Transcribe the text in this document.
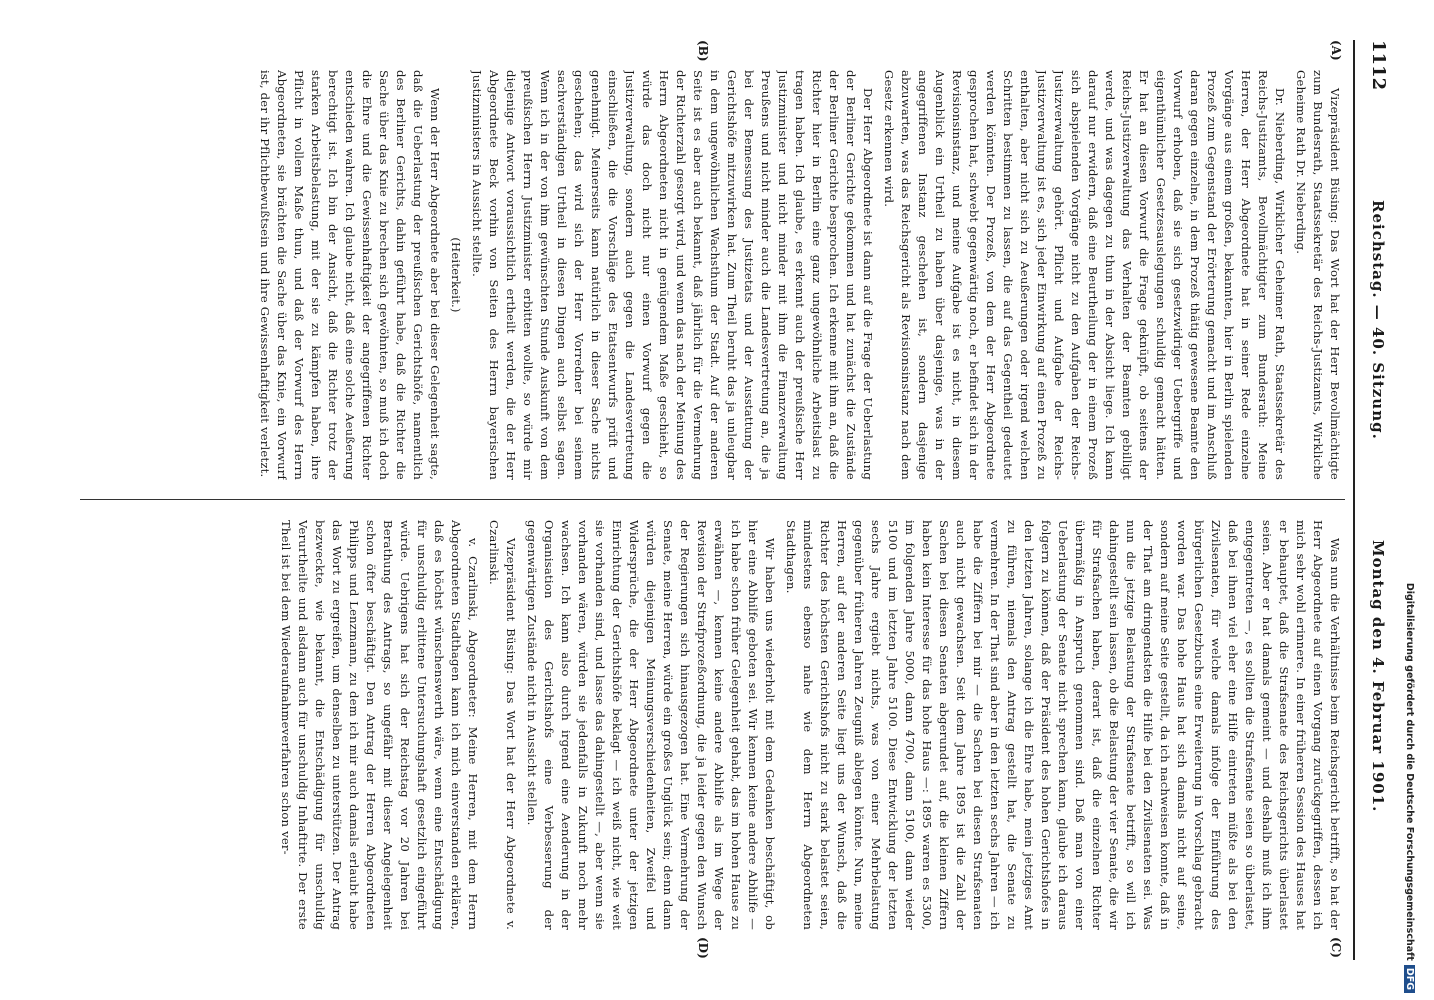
1112
Reichstag. — 40. Sitzung.
Montag den 4. Februar 1901.
(A)
(B)
(C)
(D)

Vizepräsident Büsing: Das Wort hat der Herr Bevollmächtigte zum Bundesrath, Staatssekretär des Reichs-Justizamts, Wirkliche Geheime Rath Dr. Nieberding.

Dr. Nieberding, Wirklicher Geheimer Rath, Staatssekretär des Reichs-Justizamts, Bevollmächtigter zum Bundesrath: Meine Herren, der Herr Abgeordnete hat in seiner Rede einzelne Vorgänge aus einem großen, bekannten, hier in Berlin spielenden Prozeß zum Gegenstand der Erörterung gemacht und im Anschluß daran gegen einzelne, in dem Prozeß thätig gewesene Beamte den Vorwurf erhoben, daß sie sich gesetzwidriger Uebergriffe und eigenthümlicher Gesetzesauslegungen schuldig gemacht hätten. Er hat an diesen Vorwurf die Frage geknüpft, ob seitens der Reichs-Justizverwaltung das Verhalten der Beamten gebilligt werde, und was dagegen zu thun in der Absicht liege. Ich kann darauf nur erwidern, daß eine Beurtheilung der in einem Prozeß sich abspielenden Vorgänge nicht zu den Aufgaben der Reichs-Justizverwaltung gehört. Pflicht und Aufgabe der Reichs-Justizverwaltung ist es, sich jeder Einwirkung auf einen Prozeß zu enthalten, aber nicht sich zu Aeußerungen oder irgend welchen Schritten bestimmen zu lassen, die auf das Gegentheil gedeutet werden könnten. Der Prozeß, von dem der Herr Abgeordnete gesprochen hat, schwebt gegenwärtig noch, er befindet sich in der Revisionsinstanz, und meine Aufgabe ist es nicht, in diesem Augenblick ein Urtheil zu haben über dasjenige, was in der angegriffenen Instanz geschehen ist, sondern dasjenige abzuwarten, was das Reichsgericht als Revisionsinstanz nach dem Gesetz erkennen wird.

Der Herr Abgeordnete ist dann auf die Frage der Ueberlastung der Berliner Gerichte gekommen und hat zunächst die Zustände der Berliner Gerichte besprochen. Ich erkenne mit ihm an, daß die Richter hier in Berlin eine ganz ungewöhnliche Arbeitslast zu tragen haben. Ich glaube, es erkennt auch der preußische Herr Justizminister und nicht minder mit ihm die Finanzverwaltung Preußens und nicht minder auch die Landesvertretung an, die ja bei der Bemessung des Justizetats und der Ausstattung der Gerichtshöfe mitzuwirken hat. Zum Theil beruht das ja unleugbar in dem ungewöhnlichen Wachsthum der Stadt. Auf der anderen Seite ist es aber auch bekannt, daß jährlich für die Vermehrung der Richterzahl gesorgt wird, und wenn das nach der Meinung des Herrn Abgeordneten nicht in genügendem Maße geschieht, so würde das doch nicht nur einen Vorwurf gegen die Justizverwaltung, sondern auch gegen die Landesvertretung einschließen, die die Vorschläge des Etatsentwurfs prüft und genehmigt. Meinerseits kann natürlich in dieser Sache nichts geschehen; das wird sich der Herr Vorredner bei seinem sachverständigen Urtheil in diesen Dingen auch selbst sagen. Wenn ich in der von ihm gewünschten Stunde Auskunft von dem preußischen Herrn Justizminister erbitten wollte, so würde mir diejenige Antwort voraussichtlich ertheilt werden, die der Herr Abgeordnete Beck vorhin von Seiten des Herrn bayerischen Justizministers in Aussicht stellte.

(Heiterkeit.)

Wenn der Herr Abgeordnete aber bei dieser Gelegenheit sagte, daß die Ueberlastung der preußischen Gerichtshöfe, namentlich des Berliner Gerichts, dahin geführt habe, daß die Richter die Sache über das Knie zu brechen sich gewöhnten, so muß ich doch die Ehre und die Gewissenhaftigkeit der angegriffenen Richter entschieden wahren. Ich glaube nicht, daß eine solche Aeußerung berechtigt ist. Ich bin der Ansicht, daß die Richter trotz der starken Arbeitsbelastung, mit der sie zu kämpfen haben, ihre Pflicht in vollem Maße thun, und daß der Vorwurf des Herrn Abgeordneten, sie brächten die Sache über das Knie, ein Vorwurf ist, der ihr Pflichtbewußtsein und ihre Gewissenhaftigkeit verletzt.

Was nun die Verhältnisse beim Reichsgericht betrifft, so hat der Herr Abgeordnete auf einen Vorgang zurückgegriffen, dessen ich mich sehr wohl erinnere. In einer früheren Session des Hauses hat er behauptet, daß die Strafsenate des Reichsgerichts überlastet seien. Aber er hat damals gemeint — und deshalb muß ich ihm entgegentreten —, es sollten die Strafsenate seien so überlastet, daß bei ihnen viel eher eine Hilfe eintreten müßte als bei den Zivilsenaten, für welche damals infolge der Einführung des bürgerlichen Gesetzbuchs eine Erweiterung in Vorschlag gebracht worden war. Das hohe Haus hat sich damals nicht auf seine, sondern auf meine Seite gestellt, da ich nachweisen konnte, daß in der That am dringendsten die Hilfe bei den Zivilsenaten sei. Was nun die jetzige Belastung der Strafsenate betrifft, so will ich dahingestellt sein lassen, ob die Belastung der vier Senate, die wir für Strafsachen haben, derart ist, daß die einzelnen Richter übermäßig in Anspruch genommen sind. Daß man von einer Ueberlastung der Senate nicht sprechen kann, glaube ich daraus folgern zu können, daß der Präsident des hohen Gerichtshofes in den letzten Jahren, solange ich die Ehre habe, mein jetziges Amt zu führen, niemals den Antrag gestellt hat, die Senate zu vermehren. In der That sind aber in den letzten sechs Jahren — ich habe die Ziffern bei mir — die Sachen bei diesen Strafsenaten auch nicht gewachsen. Seit dem Jahre 1895 ist die Zahl der Sachen bei diesen Senaten abgerundet auf, die kleinen Ziffern haben kein Interesse für das hohe Haus —: 1895 waren es 5300, im folgenden Jahre 5000, dann 4700, dann 5100, dann wieder 5100 und im letzten Jahre 5100. Diese Entwicklung der letzten sechs Jahre ergiebt nichts, was von einer Mehrbelastung gegenüber früheren Jahren Zeugniß ablegen könnte. Nun, meine Herren, auf der anderen Seite liegt uns der Wunsch, daß die Richter des höchsten Gerichtshofs nicht zu stark belastet seien, mindestens ebenso nahe wie dem Herrn Abgeordneten Stadthagen.

Wir haben uns wiederholt mit dem Gedanken beschäftigt, ob hier eine Abhilfe geboten sei. Wir kennen keine andere Abhilfe — ich habe schon früher Gelegenheit gehabt, das im hohen Hause zu erwähnen —, kennen keine andere Abhilfe als im Wege der Revision der Strafprozeßordnung, die ja leider gegen den Wunsch der Regierungen sich hinausgezogen hat. Eine Vermehrung der Senate, meine Herren, würde ein großes Unglück sein; denn dann würden diejenigen Meinungsverschiedenheiten, Zweifel und Widersprüche, die der Herr Abgeordnete unter der jetzigen Einrichtung der Gerichtshöfe beklagt — ich weiß nicht, wie weit sie vorhanden sind, und lasse das dahingestellt —, aber wenn sie vorhanden wären, würden sie jedenfalls in Zukunft noch mehr wachsen. Ich kann also durch irgend eine Aenderung in der Organisation des Gerichtshofs eine Verbesserung der gegenwärtigen Zustände nicht in Aussicht stellen.

Vizepräsident Büsing: Das Wort hat der Herr Abgeordnete v. Czarlinski.

v. Czarlinski, Abgeordneter: Meine Herren, mit dem Herrn Abgeordneten Stadthagen kann ich mich einverstanden erklären, daß es höchst wünschenswerth wäre, wenn eine Entschädigung für unschuldig erlittene Untersuchungshaft gesetzlich eingeführt würde. Uebrigens hat sich der Reichstag vor 20 Jahren bei Berathung des Antrags, so ungefähr mit dieser Angelegenheit schon öfter beschäftigt. Den Antrag der Herren Abgeordneten Philipps und Lenzmann, zu dem ich mir auch damals erlaubt habe das Wort zu ergreifen, um denselben zu unterstützen. Der Antrag bezweckte, wie bekannt, die Entschädigung für unschuldig Verurtheilte und alsdann auch für unschuldig Inhaftirte. Der erste Theil ist bei dem Wiederaufnahmeverfahren schon ver-	Digitalisierung gefördert durch die Deutsche ForschungsgemeinschaftDFG
